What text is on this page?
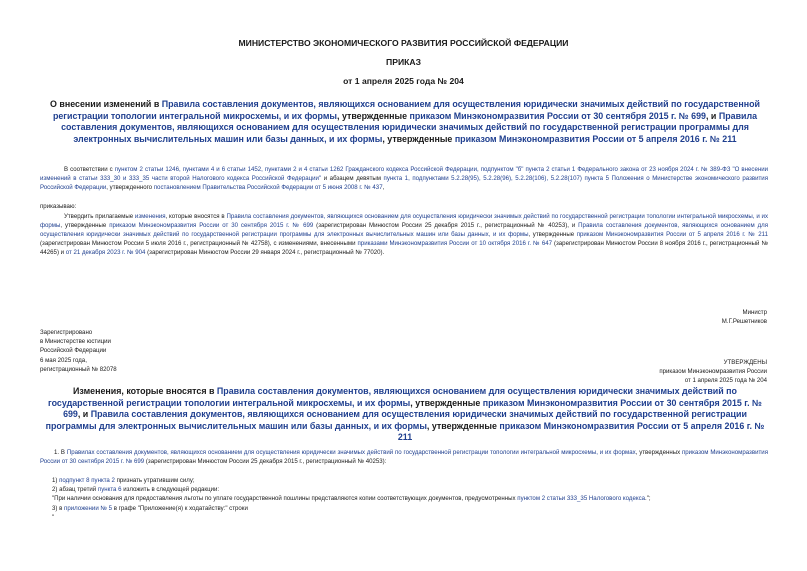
МИНИСТЕРСТВО ЭКОНОМИЧЕСКОГО РАЗВИТИЯ РОССИЙСКОЙ ФЕДЕРАЦИИ
ПРИКАЗ
от 1 апреля 2025 года № 204
О внесении изменений в Правила составления документов, являющихся основанием для осуществления юридически значимых действий по государственной регистрации топологии интегральной микросхемы, и их формы, утвержденные приказом Минэкономразвития России от 30 сентября 2015 г. № 699, и Правила составления документов, являющихся основанием для осуществления юридически значимых действий по государственной регистрации программы для электронных вычислительных машин или базы данных, и их формы, утвержденные приказом Минэкономразвития России от 5 апреля 2016 г. № 211
В соответствии с пунктом 2 статьи 1246, пунктами 4 и 6 статьи 1452, пунктами 2 и 4 статьи 1262 Гражданского кодекса Российской Федерации, подпунктом "б" пункта 2 статьи 1 Федерального закона от 23 ноября 2024 г. № 389-ФЗ "О внесении изменений в статьи 333_30 и 333_35 части второй Налогового кодекса Российской Федерации" и абзацем девятым пункта 1, подпунктами 5.2.28(95), 5.2.28(96), 5.2.28(106), 5.2.28(107) пункта 5 Положения о Министерстве экономического развития Российской Федерации, утвержденного постановлением Правительства Российской Федерации от 5 июня 2008 г. № 437,
приказываю:
Утвердить прилагаемые изменения, которые вносятся в Правила составления документов, являющихся основанием для осуществления юридически значимых действий по государственной регистрации топологии интегральной микросхемы, и их формы, утвержденные приказом Минэкономразвития России от 30 сентября 2015 г. № 699 (зарегистрирован Минюстом России 25 декабря 2015 г., регистрационный № 40253), и Правила составления документов, являющихся основанием для осуществления юридически значимых действий по государственной регистрации программы для электронных вычислительных машин или базы данных, и их формы, утвержденные приказом Минэкономразвития России от 5 апреля 2016 г. № 211 (зарегистрирован Минюстом России 5 июля 2016 г., регистрационный № 42758), с изменениями, внесенными приказами Минэкономразвития России от 10 октября 2016 г. № 647 (зарегистрирован Минюстом России 8 ноября 2016 г., регистрационный № 44265) и от 21 декабря 2023 г. № 904 (зарегистрирован Минюстом России 29 января 2024 г., регистрационный № 77020).
Министр
М.Г.Решетников
Зарегистрировано
в Министерстве юстиции
Российской Федерации
6 мая 2025 года,
регистрационный № 82078
УТВЕРЖДЕНЫ
приказом Минэкономразвития России
от 1 апреля 2025 года № 204
Изменения, которые вносятся в Правила составления документов, являющихся основанием для осуществления юридически значимых действий по государственной регистрации топологии интегральной микросхемы, и их формы, утвержденные приказом Минэкономразвития России от 30 сентября 2015 г. № 699, и Правила составления документов, являющихся основанием для осуществления юридически значимых действий по государственной регистрации программы для электронных вычислительных машин или базы данных, и их формы, утвержденные приказом Минэкономразвития России от 5 апреля 2016 г. № 211
1. В Правилах составления документов, являющихся основанием для осуществления юридически значимых действий по государственной регистрации топологии интегральной микросхемы, и их формах, утвержденных приказом Минэкономразвития России от 30 сентября 2015 г. № 699 (зарегистрирован Минюстом России 25 декабря 2015 г., регистрационный № 40253):
1) подпункт 8 пункта 2 признать утратившим силу;
2) абзац третий пункта 6 изложить в следующей редакции:
"При наличии основания для предоставления льготы по уплате государственной пошлины представляются копии соответствующих документов, предусмотренных пунктом 2 статьи 333_35 Налогового кодекса.";
3) в приложении № 5 в графе "Приложение(я) к ходатайству:" строки
"
